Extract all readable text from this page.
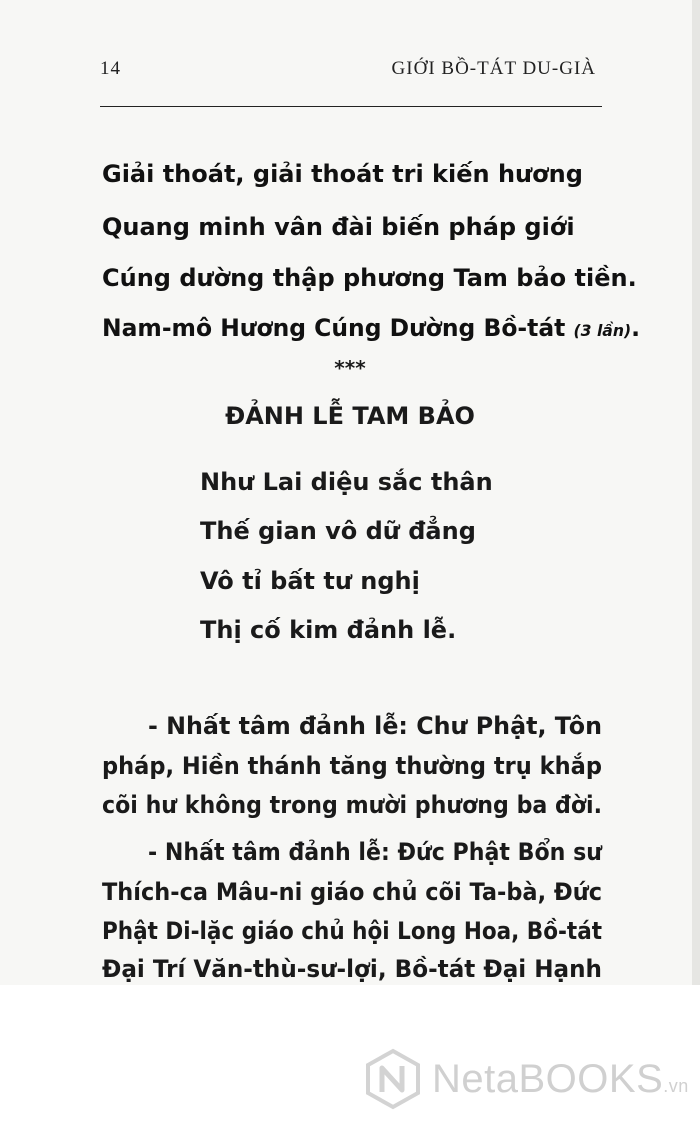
14	GIỚI BỒ-TÁT DU-GIÀ
Giải thoát, giải thoát tri kiến hương
Quang minh vân đài biến pháp giới
Cúng dường thập phương Tam bảo tiền.
Nam-mô Hương Cúng Dường Bồ-tát (3 lần).
***
ĐẢNH LỄ TAM BẢO
Như Lai diệu sắc thân
Thế gian vô dữ đẳng
Vô tỉ bất tư nghị
Thị cố kim đảnh lễ.
- Nhất tâm đảnh lễ: Chư Phật, Tôn
pháp, Hiền thánh tăng thường trụ khắp
cõi hư không trong mười phương ba đời.
- Nhất tâm đảnh lễ: Đức Phật Bổn sư
Thích-ca Mâu-ni giáo chủ cõi Ta-bà, Đức
Phật Di-lặc giáo chủ hội Long Hoa, Bồ-tát
Đại Trí Văn-thù-sư-lợi, Bồ-tát Đại Hạnh
NetaBOOKS.vn
